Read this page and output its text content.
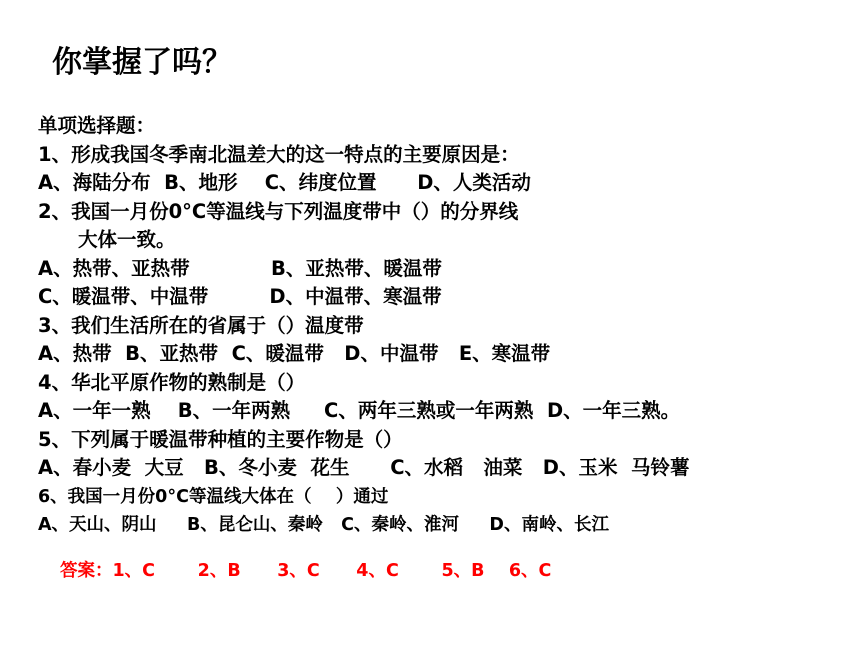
你掌握了吗？
单项选择题：
1、形成我国冬季南北温差大的这一特点的主要原因是：
A、海陆分布  B、地形    C、纬度位置      D、人类活动
2、我国一月份0°C等温线与下列温度带中（）的分界线
大体一致。
A、热带、亚热带            B、亚热带、暖温带
C、暖温带、中温带         D、中温带、寒温带
3、我们生活所在的省属于（）温度带
A、热带  B、亚热带  C、暖温带   D、中温带   E、寒温带
4、华北平原作物的熟制是（）
A、一年一熟    B、一年两熟     C、两年三熟或一年两熟  D、一年三熟。
5、下列属于暖温带种植的主要作物是（）
A、春小麦  大豆   B、冬小麦  花生      C、水稻   油菜   D、玉米  马铃薯
6、我国一月份0°C等温线大体在（    ）通过
A、天山、阴山     B、昆仑山、秦岭   C、秦岭、淮河     D、南岭、长江
答案：1、C       2、B      3、C      4、C       5、B    6、C
